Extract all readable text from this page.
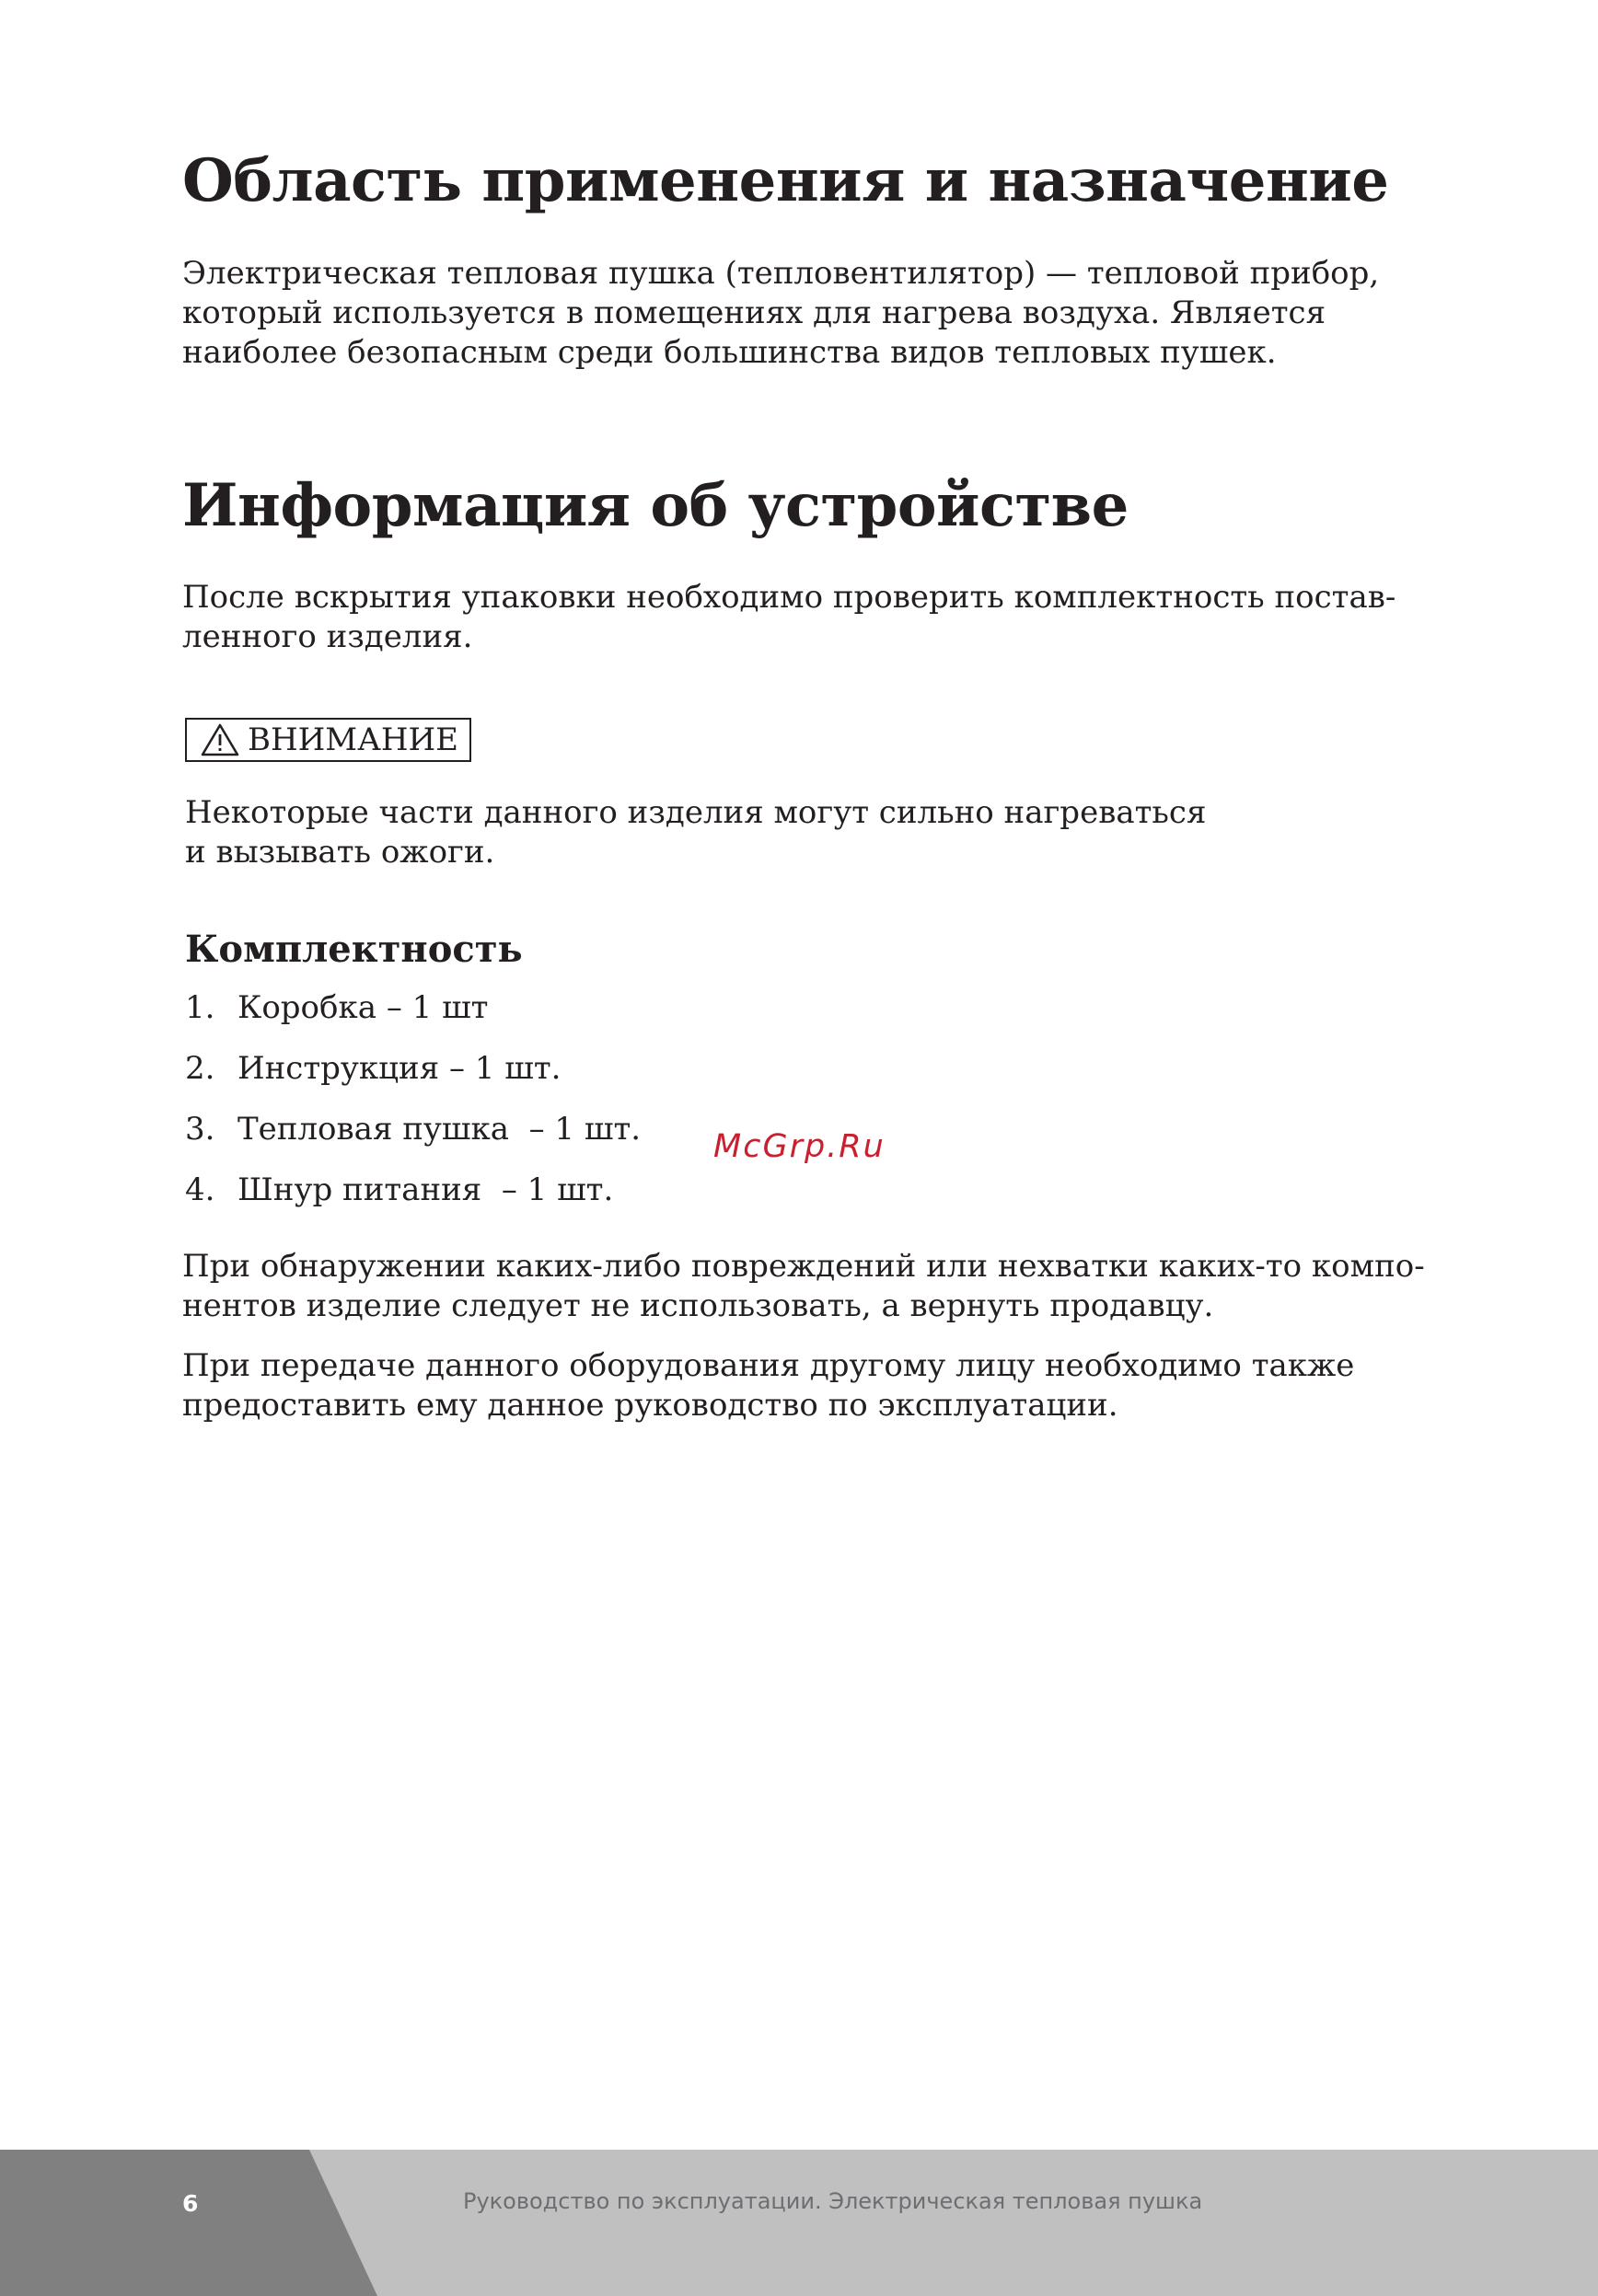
Область применения и назначение

Электрическая тепловая пушка (тепловентилятор) — тепловой прибор,
который используется в помещениях для нагрева воздуха. Является
наиболее безопасным среди большинства видов тепловых пушек.

Информация об устройстве

После вскрытия упаковки необходимо проверить комплектность постав-
ленного изделия.

ВНИМАНИЕ

Некоторые части данного изделия могут сильно нагреваться
и вызывать ожоги.

Комплектность
1. Коробка – 1 шт
2. Инструкция – 1 шт.
3. Тепловая пушка  – 1 шт.
4. Шнур питания  – 1 шт.

При обнаружении каких-либо повреждений или нехватки каких-то компо-
нентов изделие следует не использовать, а вернуть продавцу.

При передаче данного оборудования другому лицу необходимо также
предоставить ему данное руководство по эксплуатации.

McGrp.Ru
6	Руководство по эксплуатации. Электрическая тепловая пушка
